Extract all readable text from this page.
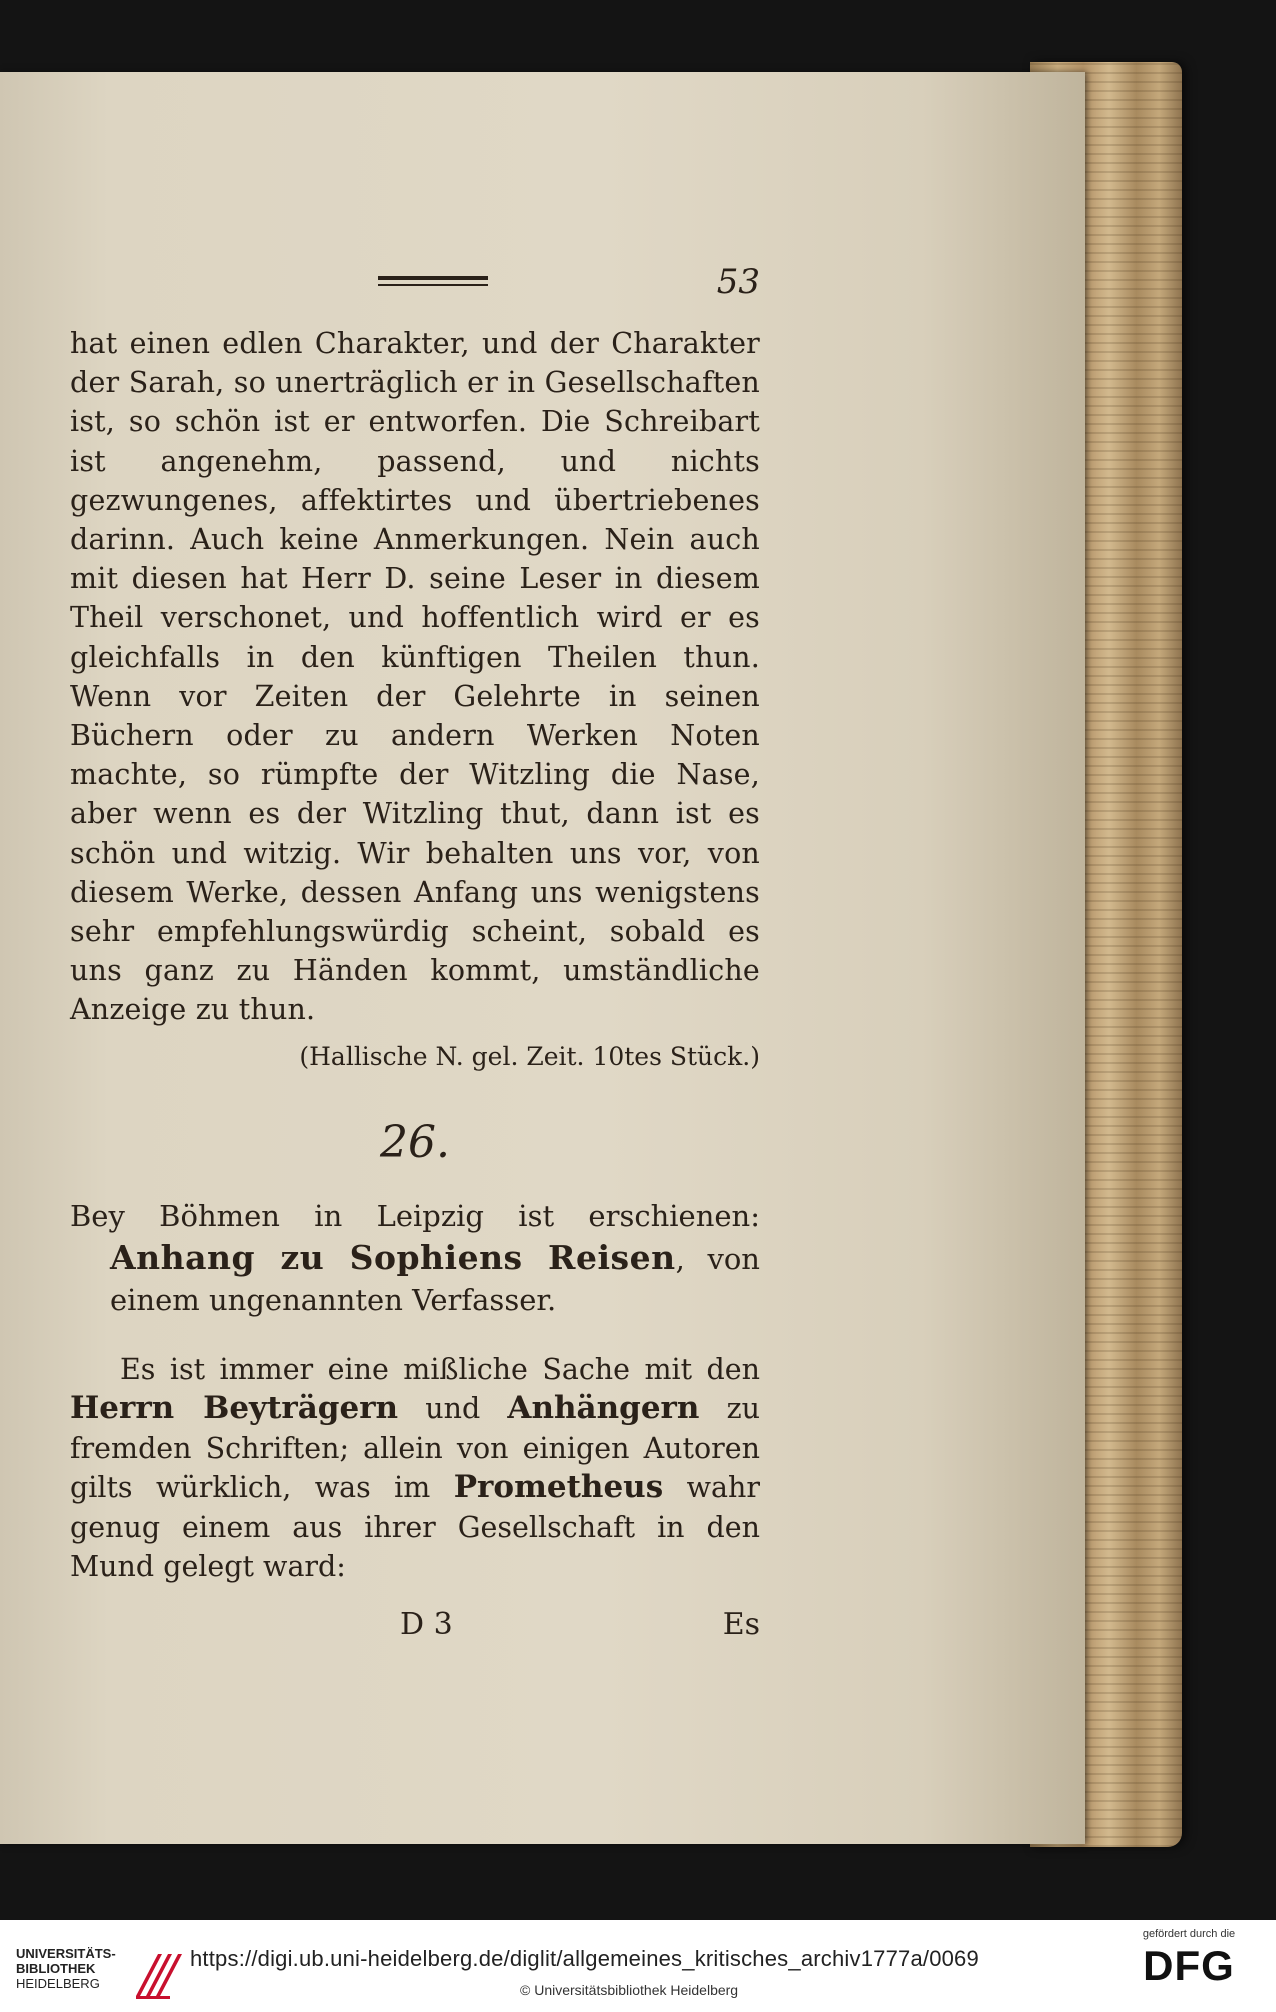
53

hat einen edlen Charakter, und der Charakter der Sarah, so unerträglich er in Gesellschaften ist, so schön ist er entworfen. Die Schreibart ist angenehm, passend, und nichts gezwungenes, affektirtes und übertriebenes darinn. Auch keine Anmerkungen. Nein auch mit diesen hat Herr D. seine Leser in diesem Theil verschonet, und hoffentlich wird er es gleichfalls in den künftigen Theilen thun. Wenn vor Zeiten der Gelehrte in seinen Büchern oder zu andern Werken Noten machte, so rümpfte der Witzling die Nase, aber wenn es der Witzling thut, dann ist es schön und witzig. Wir behalten uns vor, von diesem Werke, dessen Anfang uns wenigstens sehr empfehlungswürdig scheint, sobald es uns ganz zu Händen kommt, umständliche Anzeige zu thun.

(Hallische N. gel. Zeit. 10tes Stück.)
26.

Bey Böhmen in Leipzig ist erschienen: Anhang zu Sophiens Reisen, von einem ungenannten Verfasser.

Es ist immer eine mißliche Sache mit den Herrn Beyträgern und Anhängern zu fremden Schriften; allein von einigen Autoren gilts würklich, was im Prometheus wahr genug einem aus ihrer Gesellschaft in den Mund gelegt ward:

D 3	Es
UNIVERSITÄTS-
BIBLIOTHEK
HEIDELBERG
https://digi.ub.uni-heidelberg.de/diglit/allgemeines_kritisches_archiv1777a/0069
© Universitätsbibliothek Heidelberg
gefördert durch die
DFG
